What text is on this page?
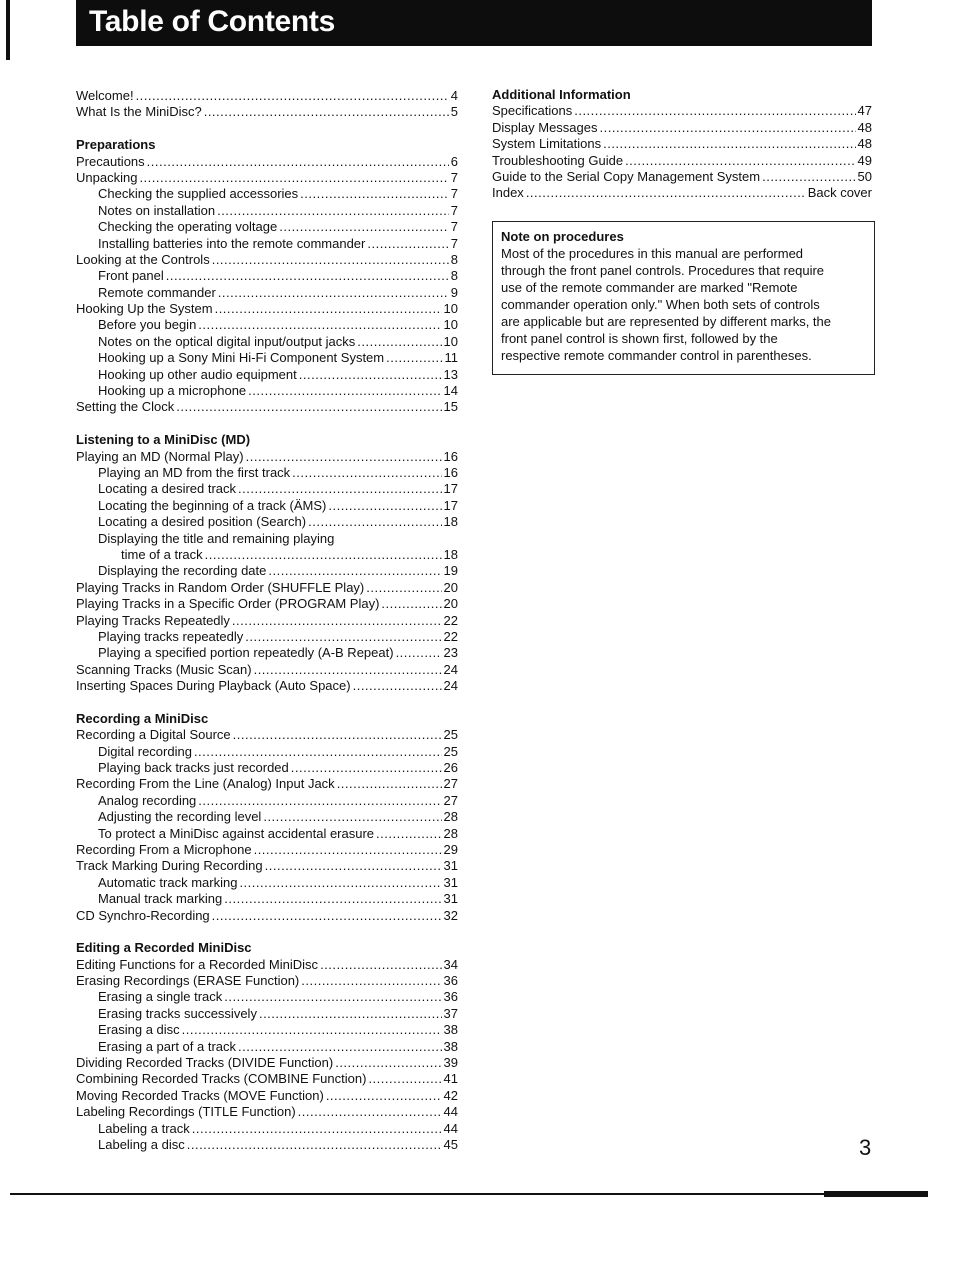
Table of Contents
Welcome! .....	4
What Is the MiniDisc? .....	5
Preparations
Precautions .....	6
Unpacking .....	7
Checking the supplied accessories .....	7
Notes on installation .....	7
Checking the operating voltage .....	7
Installing batteries into the remote commander .....	7
Looking at the Controls .....	8
Front panel .....	8
Remote commander .....	9
Hooking Up the System .....	10
Before you begin .....	10
Notes on the optical digital input/output jacks .....	10
Hooking up a Sony Mini Hi-Fi Component System .....	11
Hooking up other audio equipment .....	13
Hooking up a microphone .....	14
Setting the Clock .....	15
Listening to a MiniDisc (MD)
Playing an MD (Normal Play) .....	16
Playing an MD from the first track .....	16
Locating a desired track .....	17
Locating the beginning of a track (ÄMS) .....	17
Locating a desired position (Search) .....	18
Displaying the title and remaining playing
time of a track .....	18
Displaying the recording date .....	19
Playing Tracks in Random Order (SHUFFLE Play) .....	20
Playing Tracks in a Specific Order (PROGRAM Play) .....	20
Playing Tracks Repeatedly .....	22
Playing tracks repeatedly .....	22
Playing a specified portion repeatedly (A-B Repeat) .....	23
Scanning Tracks (Music Scan) .....	24
Inserting Spaces During Playback (Auto Space) .....	24
Recording a MiniDisc
Recording a Digital Source .....	25
Digital recording .....	25
Playing back tracks just recorded .....	26
Recording From the Line (Analog) Input Jack .....	27
Analog recording .....	27
Adjusting the recording level .....	28
To protect a MiniDisc against accidental erasure .....	28
Recording From a Microphone .....	29
Track Marking During Recording .....	31
Automatic track marking .....	31
Manual track marking .....	31
CD Synchro-Recording .....	32
Editing a Recorded MiniDisc
Editing Functions for a Recorded MiniDisc .....	34
Erasing Recordings (ERASE Function) .....	36
Erasing a single track .....	36
Erasing tracks successively .....	37
Erasing a disc .....	38
Erasing a part of a track .....	38
Dividing Recorded Tracks (DIVIDE Function) .....	39
Combining Recorded Tracks (COMBINE Function) .....	41
Moving Recorded Tracks (MOVE Function) .....	42
Labeling Recordings (TITLE Function) .....	44
Labeling a track .....	44
Labeling a disc .....	45
Additional Information
Specifications .....	47
Display Messages .....	48
System Limitations .....	48
Troubleshooting Guide .....	49
Guide to the Serial Copy Management System .....	50
Index .....	Back cover
Note on procedures
Most of the procedures in this manual are performed
through the front panel controls. Procedures that require
use of the remote commander are marked "Remote
commander operation only." When both sets of controls
are applicable but are represented by different marks, the
front panel control is shown first, followed by the
respective remote commander control in parentheses.
3
